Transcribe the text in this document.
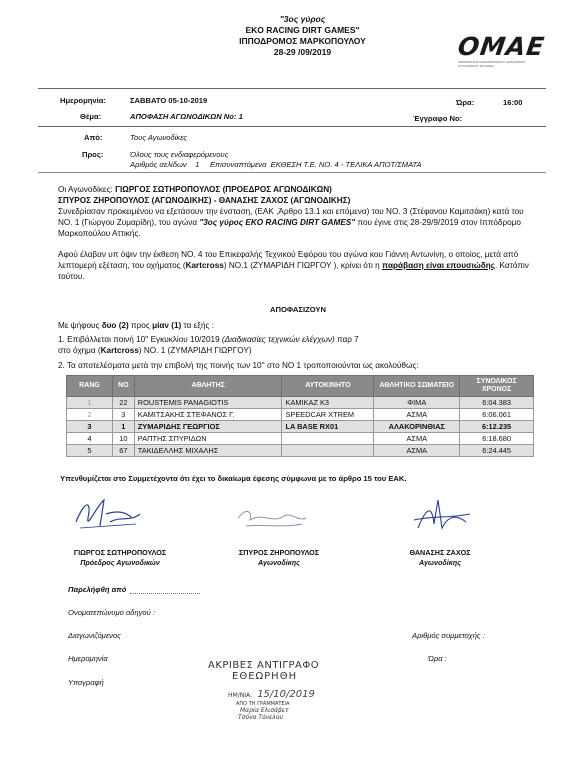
"3ος γύρος
EKO RACING DIRT GAMES"
ΙΠΠΟΔΡΟΜΟΣ ΜΑΡΚΟΠΟΥΛΟΥ
28-29 /09/2019	OMAE
ΟΜΟΣΠΟΝΔΙΑ ΜΗΧΑΝΟΚΙΝΗΤΟΥ ΑΘΛΗΤΙΣΜΟΥ ΑΥΤΟΚΙΝΗΤΟΥ ΕΛΛΑΔΟΣ
Ημερομηνία:	ΣΑΒΒΑΤΟ 05-10-2019	Ώρα:	16:00
Θέμα:	ΑΠΟΦΑΣΗ ΑΓΩΝΟΔΙΚΩΝ Νο: 1	Έγγραφο Νο:
Από:	Τους Αγωνοδίκες
Προς:	Όλους τους ενδιαφερόμενους
Αριθμός σελίδων 1 Επισυναπτόμενα ΕΚΘΕΣΗ Τ.Ε. ΝΟ. 4 - ΤΕΛΙΚΑ ΑΠΟΤ/ΣΜΑΤΑ
Οι Αγωνοδίκες: ΓΙΩΡΓΟΣ ΣΩΤΗΡΟΠΟΥΛΟΣ (ΠΡΟΕΔΡΟΣ ΑΓΩΝΟΔΙΚΩΝ)
ΣΠΥΡΟΣ ΖΗΡΟΠΟΥΛΟΣ (ΑΓΩΝΟΔΙΚΗΣ) - ΘΑΝΑΣΗΣ ΖΑΧΟΣ (ΑΓΩΝΟΔΙΚΗΣ)
Συνεδρίασαν προκειμένου να εξετάσουν την ένσταση, (ΕΑΚ ,Άρθρο 13.1 και επόμενα) του ΝΟ. 3 (Στέφανου Καμιτσάκη) κατά του ΝΟ. 1 (Γιώργου Ζυμαρίδη), του αγώνα "3ος γύρος EKO RACING DIRT GAMES" που έγινε στις 28-29/9/2019 στον Ιππόδρομο Μαρκοπούλου Αττικής.
Αφού έλαβαν υπ όψιν την έκθεση ΝΟ. 4 του Επικεφαλής Τεχνικού Εφόρου του αγώνα κου Γιάννη Αντωνίνη, ο οποίος, μετά από λεπτομερή εξέταση, του οχήματος (Kartcross) ΝΟ.1 (ΖΥΜΑΡΙΔΗ ΓΙΩΡΓΟΥ ), κρίνει ότι η παράβαση είναι επουσιώδης. Κατόπιν τούτου.
ΑΠΟΦΑΣΙΖΟΥΝ
Με ψήφους δυο (2) προς μίαν (1) τα εξής :
1. Επιβάλλεται ποινή 10'' Εγκυκλίου 10/2019 (Διαδικασίες τεχνικών ελέγχων) παρ 7
στο όχημα (Kartcross) ΝΟ. 1 (ΖΥΜΑΡΙΔΗ ΓΙΩΡΓΟΥ)
2. Τα αποτελέσματα μετά την επιβολή της ποινής των 10'' στο ΝΟ 1 τροποποιούνται ως ακολούθως:
RANG	NO	ΑΘΛΗΤΗΣ	ΑΥΤΟΚΙΝΗΤΟ	ΑΘΛΗΤΙΚΟ ΣΩΜΑΤΕΙΟ	ΣΥΝΟΛΙΚΟΣ ΧΡΟΝΟΣ
1	22	ROUSTEMIS PANAGIOTIS	KAMIKAZ K3	ΦΙΜΑ	6:04.383
2	3	ΚΑΜΙΤΣΑΚΗΣ ΣΤΕΦΑΝΟΣ Γ.	SPEEDCAR XTREM	ΑΣΜΑ	6:06.061
3	1	ΖΥΜΑΡΙΔΗΣ ΓΕΩΡΓΙΟΣ	LA BASE RX01	ΑΛΑΚΟΡΙΝΘΙΑΣ	6:12.235
4	10	ΡΑΠΤΗΣ ΣΠΥΡΙΔΩΝ		ΑΣΜΑ	6:18.680
5	67	ΤΑΚΙΔΕΛΛΗΣ ΜΙΧΑΛΗΣ		ΑΣΜΑ	6:24.445
Υπενθυμίζεται στο Συμμετέχοντα ότι έχει το δικαίωμα έφεσης σύμφωνα με το άρθρο 15 του ΕΑΚ.
ΓΙΩΡΓΟΣ ΣΩΤΗΡΟΠΟΥΛΟΣ
Πρόεδρος Αγωνοδικών
ΣΠΥΡΟΣ ΖΗΡΟΠΟΥΛΟΣ
Αγωνοδίκης
ΘΑΝΑΣΗΣ ΖΑΧΟΣ
Αγωνοδίκης
Παρελήφθη από
Ονοματεπώνυμο οδηγού :
Διαγωνιζόμενος	Αριθμός συμμετοχής :
Ημερομηνία	Ώρα :
Υπογραφή
ΑΚΡΙΒΕΣ ΑΝΤΙΓΡΑΦΟ
ΕΘΕΩΡΗΘΗ
ΗΜ/ΝΙΑ: 15/10/2019
ΑΠΟ ΤΗ ΓΡΑΜΜΑΤΕΙΑ
Μαρία Ελισάβετ
Τσόνα Τόνελου
